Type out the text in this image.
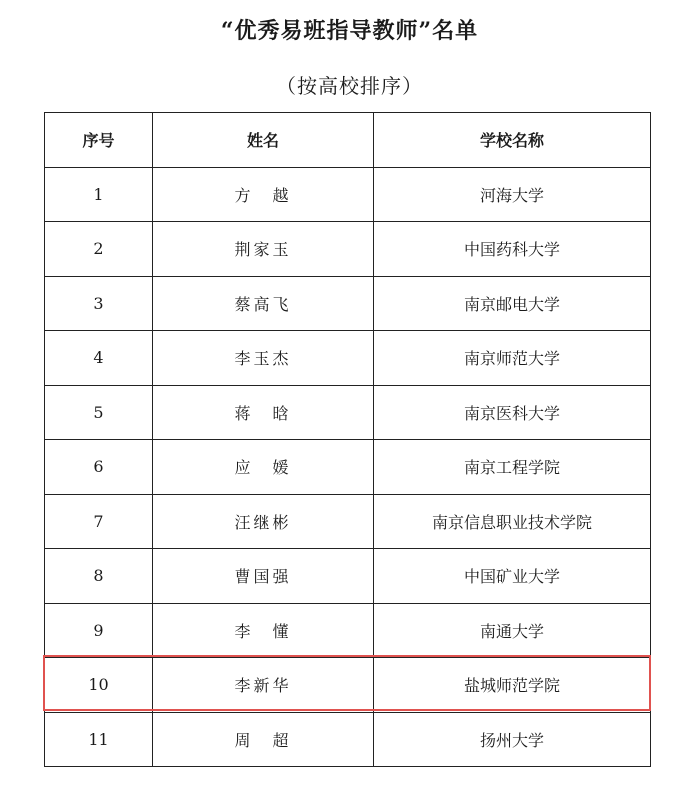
“优秀易班指导教师”名单
（按高校排序）
序号	姓名	学校名称
1	方　越	河海大学
2	荆家玉	中国药科大学
3	蔡高飞	南京邮电大学
4	李玉杰	南京师范大学
5	蒋　晗	南京医科大学
6	应　媛	南京工程学院
7	汪继彬	南京信息职业技术学院
8	曹国强	中国矿业大学
9	李　懂	南通大学
10	李新华	盐城师范学院
11	周　超	扬州大学
